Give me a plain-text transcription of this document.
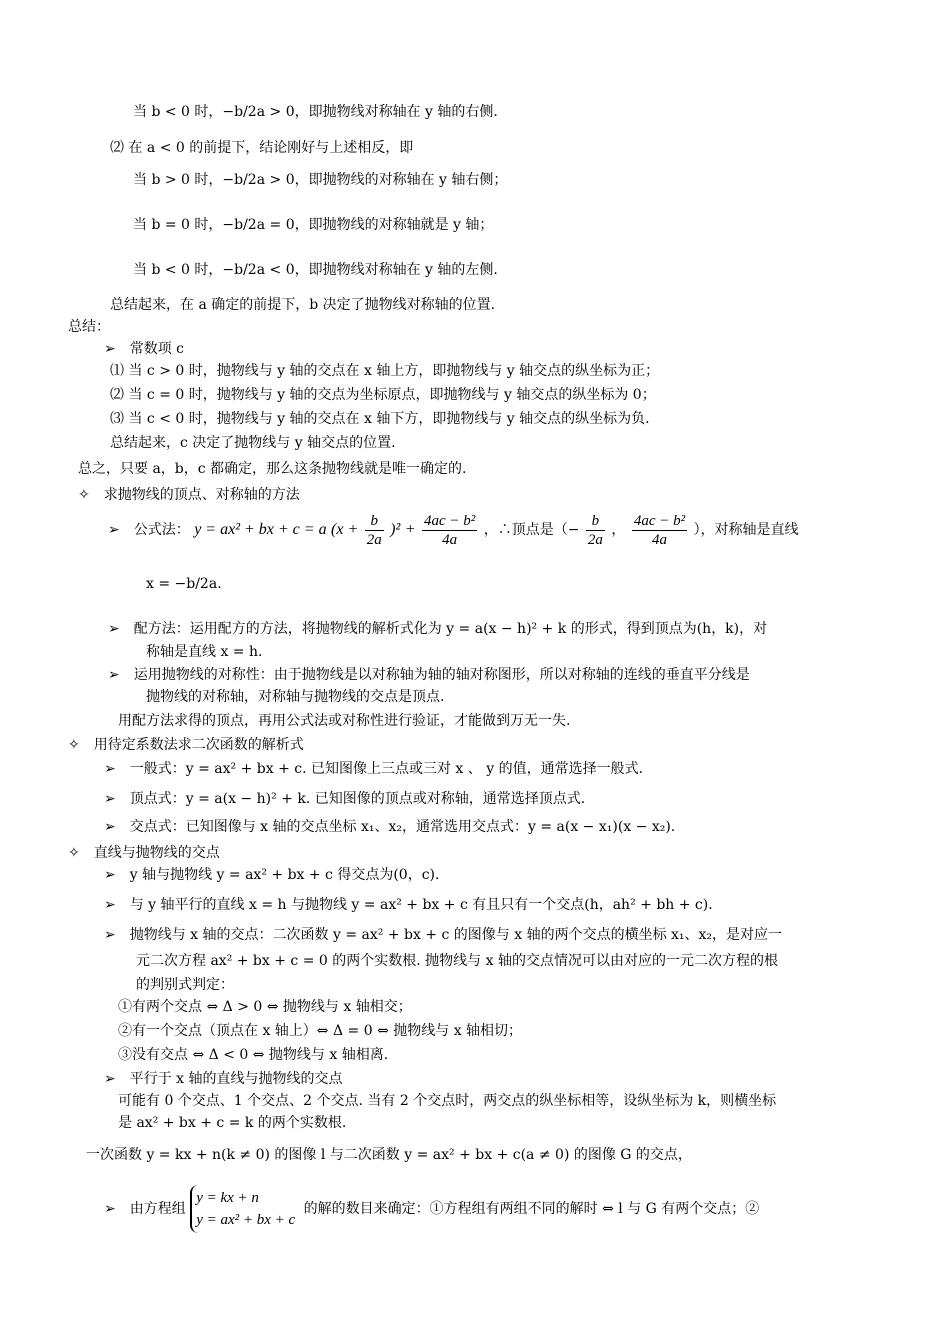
当 b < 0 时，−b/2a > 0，即抛物线对称轴在 y 轴的右侧.
⑵ 在 a < 0 的前提下，结论刚好与上述相反，即
当 b > 0 时，−b/2a > 0，即抛物线的对称轴在 y 轴右侧；
当 b = 0 时，−b/2a = 0，即抛物线的对称轴就是 y 轴；
当 b < 0 时，−b/2a < 0，即抛物线对称轴在 y 轴的左侧.
总结起来，在 a 确定的前提下，b 决定了抛物线对称轴的位置.
总结：
➢　常数项 c
⑴ 当 c > 0 时，抛物线与 y 轴的交点在 x 轴上方，即抛物线与 y 轴交点的纵坐标为正；
⑵ 当 c = 0 时，抛物线与 y 轴的交点为坐标原点，即抛物线与 y 轴交点的纵坐标为 0；
⑶ 当 c < 0 时，抛物线与 y 轴的交点在 x 轴下方，即抛物线与 y 轴交点的纵坐标为负.
总结起来，c 决定了抛物线与 y 轴交点的位置.
总之，只要 a，b，c 都确定，那么这条抛物线就是唯一确定的.
✧　求抛物线的顶点、对称轴的方法
➢　公式法： y = ax² + bx + c = a $(x + \frac{b}{2a} )^2 + \frac{\text{4ac − b²}}{4a}$ ，∴顶点是（− $\frac{b}{2a}$ ， $\frac{\text{4ac − b²}}{4a}$ ），对称轴是直线
x = −b/2a.
➢　配方法：运用配方的方法，将抛物线的解析式化为 y = a(x − h)² + k 的形式，得到顶点为(h，k)，对
称轴是直线 x = h.
➢　运用抛物线的对称性：由于抛物线是以对称轴为轴的轴对称图形，所以对称轴的连线的垂直平分线是
抛物线的对称轴，对称轴与抛物线的交点是顶点.
用配方法求得的顶点，再用公式法或对称性进行验证，才能做到万无一失.
✧　用待定系数法求二次函数的解析式
➢　一般式：y = ax² + bx + c. 已知图像上三点或三对 x 、 y 的值，通常选择一般式.
➢　顶点式：y = a(x − h)² + k. 已知图像的顶点或对称轴，通常选择顶点式.
➢　交点式：已知图像与 x 轴的交点坐标 x₁、x₂，通常选用交点式：y = a(x − x₁)(x − x₂).
✧　直线与抛物线的交点
➢　y 轴与抛物线 y = ax² + bx + c 得交点为(0，c).
➢　与 y 轴平行的直线 x = h 与抛物线 y = ax² + bx + c 有且只有一个交点(h，ah² + bh + c).
➢　抛物线与 x 轴的交点：二次函数 y = ax² + bx + c 的图像与 x 轴的两个交点的横坐标 x₁、x₂，是对应一
元二次方程 ax² + bx + c = 0 的两个实数根. 抛物线与 x 轴的交点情况可以由对应的一元二次方程的根
的判别式判定：
①有两个交点 ⇔ Δ > 0 ⇔ 抛物线与 x 轴相交；
②有一个交点（顶点在 x 轴上）⇔ Δ = 0 ⇔ 抛物线与 x 轴相切；
③没有交点 ⇔ Δ < 0 ⇔ 抛物线与 x 轴相离.
➢　平行于 x 轴的直线与抛物线的交点
可能有 0 个交点、1 个交点、2 个交点. 当有 2 个交点时，两交点的纵坐标相等，设纵坐标为 k，则横坐标
是 ax² + bx + c = k 的两个实数根.
一次函数 y = kx + n(k ≠ 0) 的图像 l 与二次函数 y = ax² + bx + c(a ≠ 0) 的图像 G 的交点，
➢　由方程组
y = kx + n
y = ax² + bx + c
的解的数目来确定：①方程组有两组不同的解时 ⇔ l 与 G 有两个交点；②
